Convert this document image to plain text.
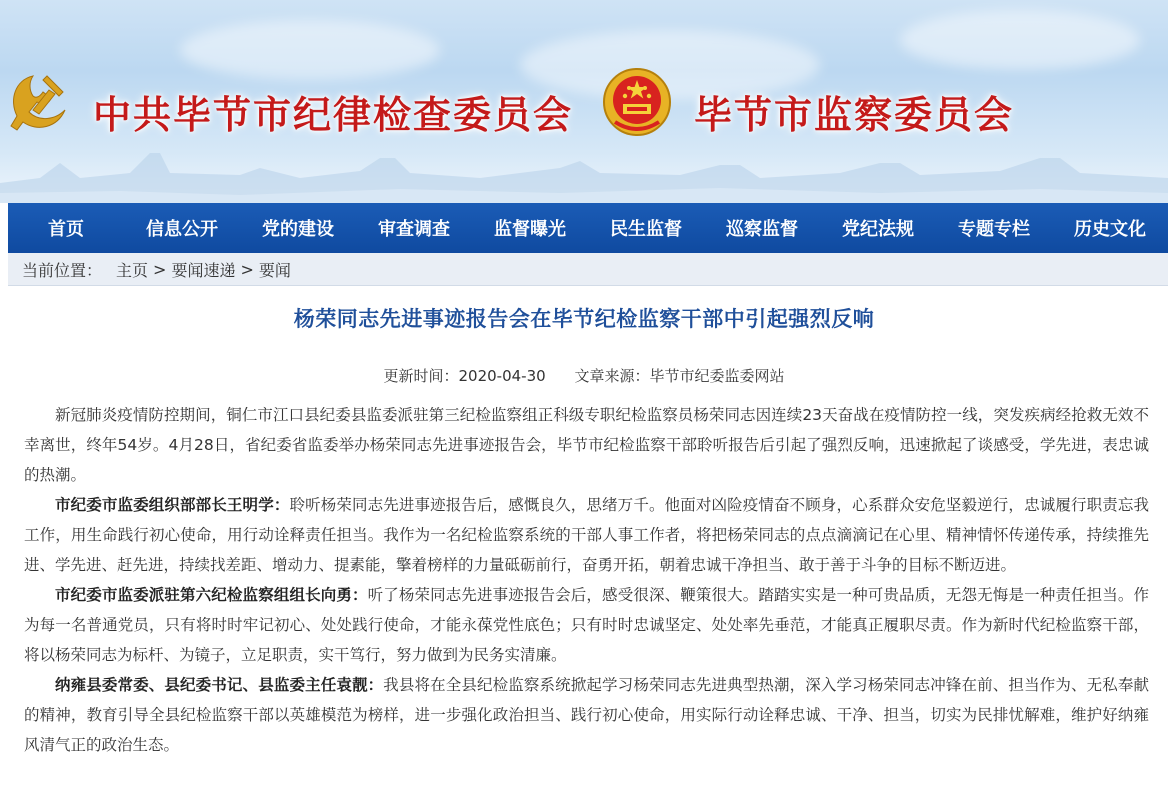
中共毕节市纪律检查委员会	毕节市监察委员会
首页	信息公开	党的建设	审查调查	监督曝光	民生监督	巡察监督	党纪法规	专题专栏	历史文化
当前位置： 主页 > 要闻速递 > 要闻
杨荣同志先进事迹报告会在毕节纪检监察干部中引起强烈反响
更新时间：2020-04-30 文章来源：毕节市纪委监委网站

新冠肺炎疫情防控期间，铜仁市江口县纪委县监委派驻第三纪检监察组正科级专职纪检监察员杨荣同志因连续23天奋战在疫情防控一线，突发疾病经抢救无效不幸离世，终年54岁。4月28日，省纪委省监委举办杨荣同志先进事迹报告会，毕节市纪检监察干部聆听报告后引起了强烈反响，迅速掀起了谈感受，学先进，表忠诚的热潮。

市纪委市监委组织部部长王明学：聆听杨荣同志先进事迹报告后，感慨良久，思绪万千。他面对凶险疫情奋不顾身，心系群众安危坚毅逆行，忠诚履行职责忘我工作，用生命践行初心使命，用行动诠释责任担当。我作为一名纪检监察系统的干部人事工作者，将把杨荣同志的点点滴滴记在心里、精神情怀传递传承，持续推先进、学先进、赶先进，持续找差距、增动力、提素能，擎着榜样的力量砥砺前行，奋勇开拓，朝着忠诚干净担当、敢于善于斗争的目标不断迈进。

市纪委市监委派驻第六纪检监察组组长向勇：听了杨荣同志先进事迹报告会后，感受很深、鞭策很大。踏踏实实是一种可贵品质，无怨无悔是一种责任担当。作为每一名普通党员，只有将时时牢记初心、处处践行使命，才能永葆党性底色；只有时时忠诚坚定、处处率先垂范，才能真正履职尽责。作为新时代纪检监察干部，将以杨荣同志为标杆、为镜子，立足职责，实干笃行，努力做到为民务实清廉。

纳雍县委常委、县纪委书记、县监委主任袁靓：我县将在全县纪检监察系统掀起学习杨荣同志先进典型热潮，深入学习杨荣同志冲锋在前、担当作为、无私奉献的精神，教育引导全县纪检监察干部以英雄模范为榜样，进一步强化政治担当、践行初心使命，用实际行动诠释忠诚、干净、担当，切实为民排忧解难，维护好纳雍风清气正的政治生态。
